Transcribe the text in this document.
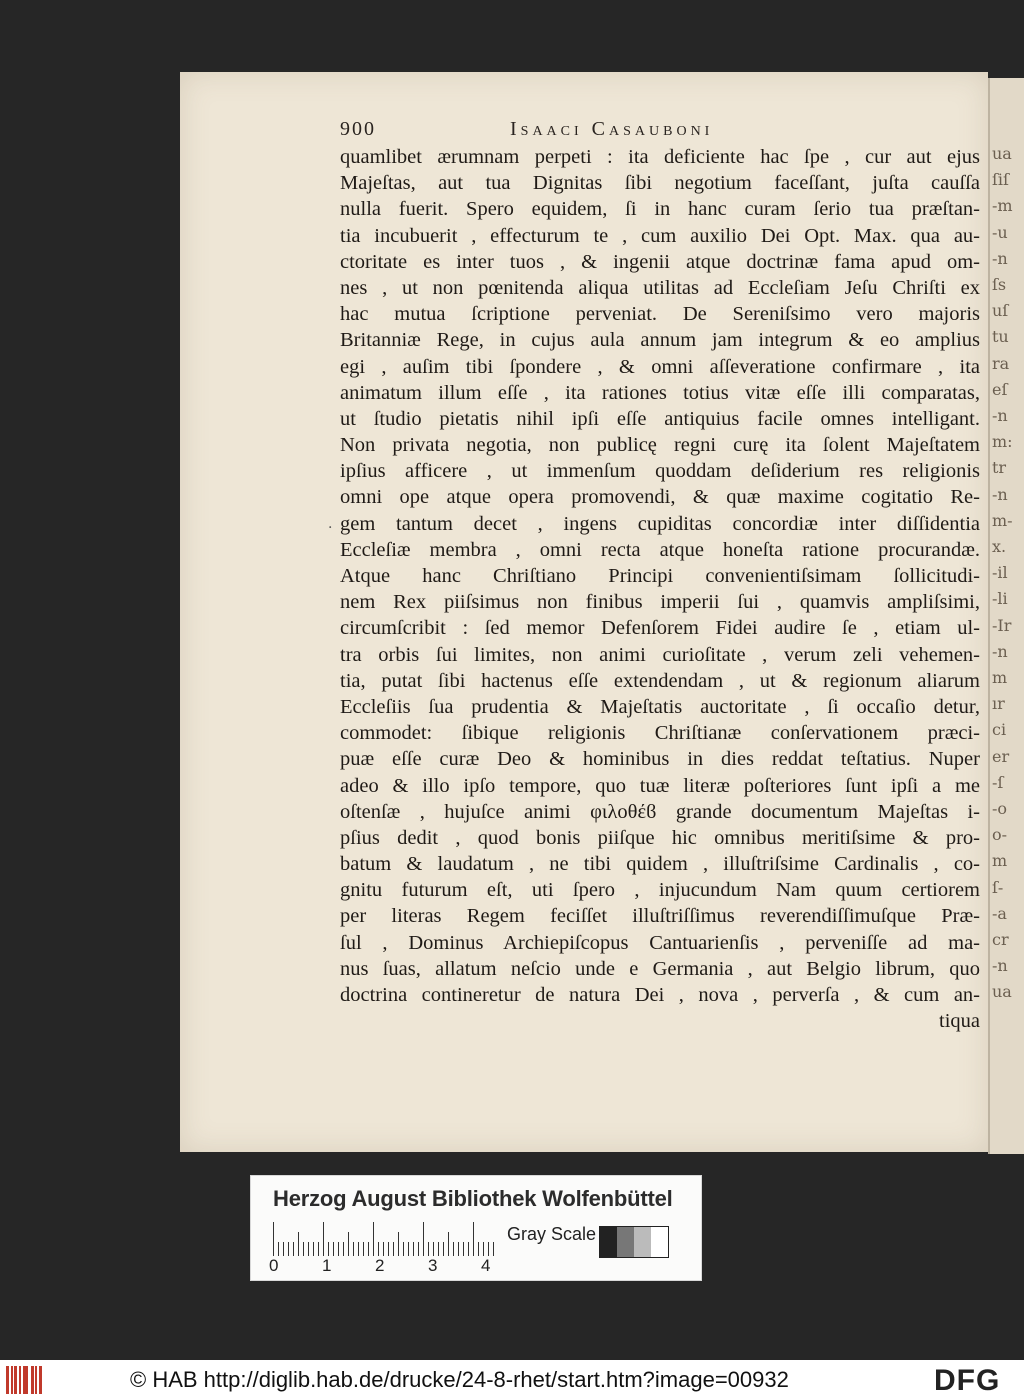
ua
ſiſ
-m
-u
-n
ſs
uſ
tu
ra
eſ
-n
m:
tr
-n
m-
x.
-il
-li
-Ir
-n
m
ır
ci
er
-ſ
-o
o-
m
ſ-
-a
cr
-n
ua
900	Isaaci Casauboni
·
quamlibet ærumnam perpeti : ita deficiente hac ſpe , cur aut ejus
Majeſtas, aut tua Dignitas ſibi negotium faceſſant, juſta cauſſa
nulla fuerit. Spero equidem, ſi in hanc curam ſerio tua præſtan-
tia incubuerit , effecturum te , cum auxilio Dei Opt. Max. qua au-
ctoritate es inter tuos , & ingenii atque doctrinæ fama apud om-
nes , ut non pœnitenda aliqua utilitas ad Eccleſiam Jeſu Chriſti ex
hac mutua ſcriptione perveniat. De Sereniſsimo vero majoris
Britanniæ Rege, in cujus aula annum jam integrum & eo amplius
egi , auſim tibi ſpondere , & omni aſſeveratione confirmare , ita
animatum illum eſſe , ita rationes totius vitæ eſſe illi comparatas,
ut ſtudio pietatis nihil ipſi eſſe antiquius facile omnes intelligant.
Non privata negotia, non publicę regni curę ita ſolent Majeſtatem
ipſius afficere , ut immenſum quoddam deſiderium res religionis
omni ope atque opera promovendi, & quæ maxime cogitatio Re-
gem tantum decet , ingens cupiditas concordiæ inter diſſidentia
Eccleſiæ membra , omni recta atque honeſta ratione procurandæ.
Atque hanc Chriſtiano Principi convenientiſsimam ſollicitudi-
nem Rex piiſsimus non finibus imperii ſui , quamvis ampliſsimi,
circumſcribit : ſed memor Defenſorem Fidei audire ſe , etiam ul-
tra orbis ſui limites, non animi curioſitate , verum zeli vehemen-
tia, putat ſibi hactenus eſſe extendendam , ut & regionum aliarum
Eccleſiis ſua prudentia & Majeſtatis auctoritate , ſi occaſio detur,
commodet: ſibique religionis Chriſtianæ conſervationem præci-
puæ eſſe curæ Deo & hominibus in dies reddat teſtatius. Nuper
adeo & illo ipſo tempore, quo tuæ literæ poſteriores ſunt ipſi a me
oſtenſæ , hujuſce animi φιλοθέϐ grande documentum Majeſtas i-
pſius dedit , quod bonis piiſque hic omnibus meritiſsime & pro-
batum & laudatum , ne tibi quidem , illuſtriſsime Cardinalis , co-
gnitu futurum eſt, uti ſpero , injucundum Nam quum certiorem
per literas Regem feciſſet illuſtriſſimus reverendiſſimuſque Præ-
ſul , Dominus Archiepiſcopus Cantuarienſis , perveniſſe ad ma-
nus ſuas, allatum neſcio unde e Germania , aut Belgio librum, quo
doctrina contineretur de natura Dei , nova , perverſa , & cum an-
tiqua
Herzog August Bibliothek Wolfenbüttel
0	1	2	3	4
Gray Scale
© HAB http://diglib.hab.de/drucke/24-8-rhet/start.htm?image=00932	DFG
